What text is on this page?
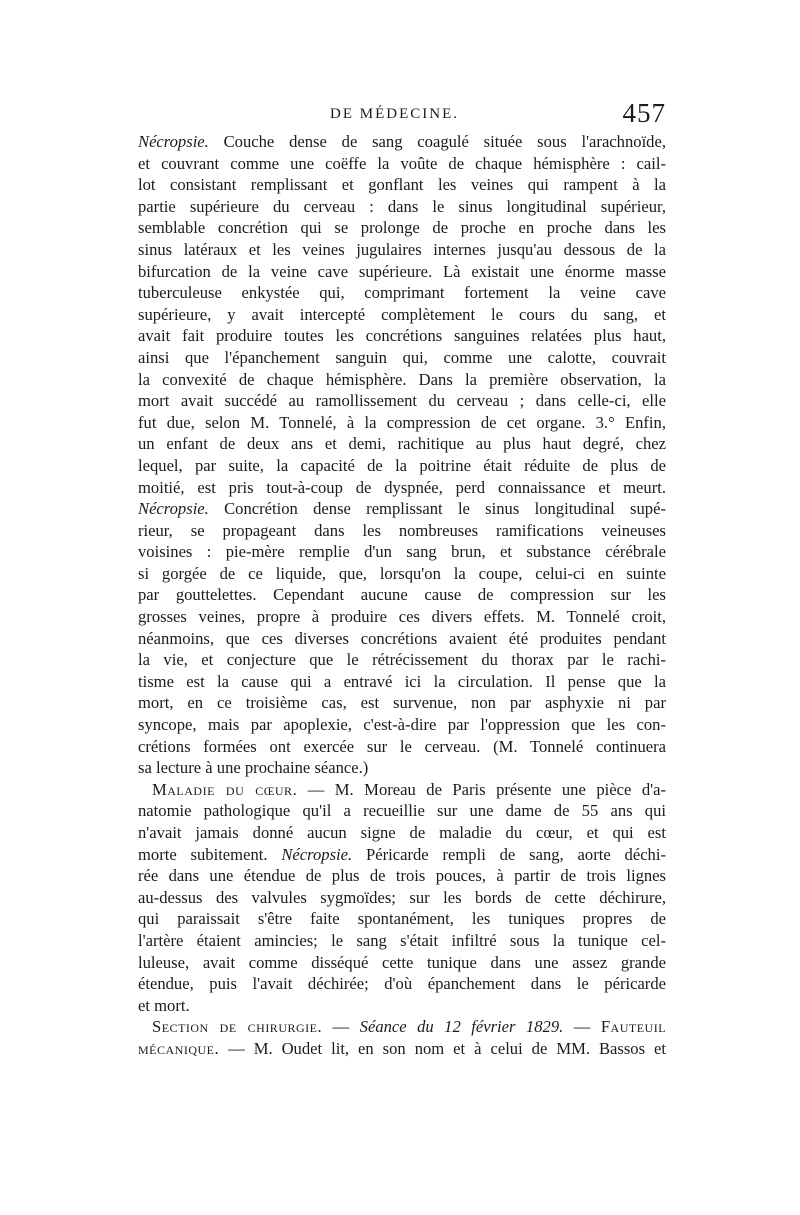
DE MÉDECINE.	457
Nécropsie. Couche dense de sang coagulé située sous l'arachnoïde,
et couvrant comme une coëffe la voûte de chaque hémisphère : cail-
lot consistant remplissant et gonflant les veines qui rampent à la
partie supérieure du cerveau : dans le sinus longitudinal supérieur,
semblable concrétion qui se prolonge de proche en proche dans les
sinus latéraux et les veines jugulaires internes jusqu'au dessous de la
bifurcation de la veine cave supérieure. Là existait une énorme masse
tuberculeuse enkystée qui, comprimant fortement la veine cave
supérieure, y avait intercepté complètement le cours du sang, et
avait fait produire toutes les concrétions sanguines relatées plus haut,
ainsi que l'épanchement sanguin qui, comme une calotte, couvrait
la convexité de chaque hémisphère. Dans la première observation, la
mort avait succédé au ramollissement du cerveau ; dans celle-ci, elle
fut due, selon M. Tonnelé, à la compression de cet organe. 3.° Enfin,
un enfant de deux ans et demi, rachitique au plus haut degré, chez
lequel, par suite, la capacité de la poitrine était réduite de plus de
moitié, est pris tout-à-coup de dyspnée, perd connaissance et meurt.
Nécropsie. Concrétion dense remplissant le sinus longitudinal supé-
rieur, se propageant dans les nombreuses ramifications veineuses
voisines : pie-mère remplie d'un sang brun, et substance cérébrale
si gorgée de ce liquide, que, lorsqu'on la coupe, celui-ci en suinte
par gouttelettes. Cependant aucune cause de compression sur les
grosses veines, propre à produire ces divers effets. M. Tonnelé croit,
néanmoins, que ces diverses concrétions avaient été produites pendant
la vie, et conjecture que le rétrécissement du thorax par le rachi-
tisme est la cause qui a entravé ici la circulation. Il pense que la
mort, en ce troisième cas, est survenue, non par asphyxie ni par
syncope, mais par apoplexie, c'est-à-dire par l'oppression que les con-
crétions formées ont exercée sur le cerveau. (M. Tonnelé continuera
sa lecture à une prochaine séance.)
Maladie du cœur. — M. Moreau de Paris présente une pièce d'a-
natomie pathologique qu'il a recueillie sur une dame de 55 ans qui
n'avait jamais donné aucun signe de maladie du cœur, et qui est
morte subitement. Nécropsie. Péricarde rempli de sang, aorte déchi-
rée dans une étendue de plus de trois pouces, à partir de trois lignes
au-dessus des valvules sygmoïdes; sur les bords de cette déchirure,
qui paraissait s'être faite spontanément, les tuniques propres de
l'artère étaient amincies; le sang s'était infiltré sous la tunique cel-
luleuse, avait comme disséqué cette tunique dans une assez grande
étendue, puis l'avait déchirée; d'où épanchement dans le péricarde
et mort.
Section de chirurgie. — Séance du 12 février 1829. — Fauteuil
mécanique. — M. Oudet lit, en son nom et à celui de MM. Bassos et
